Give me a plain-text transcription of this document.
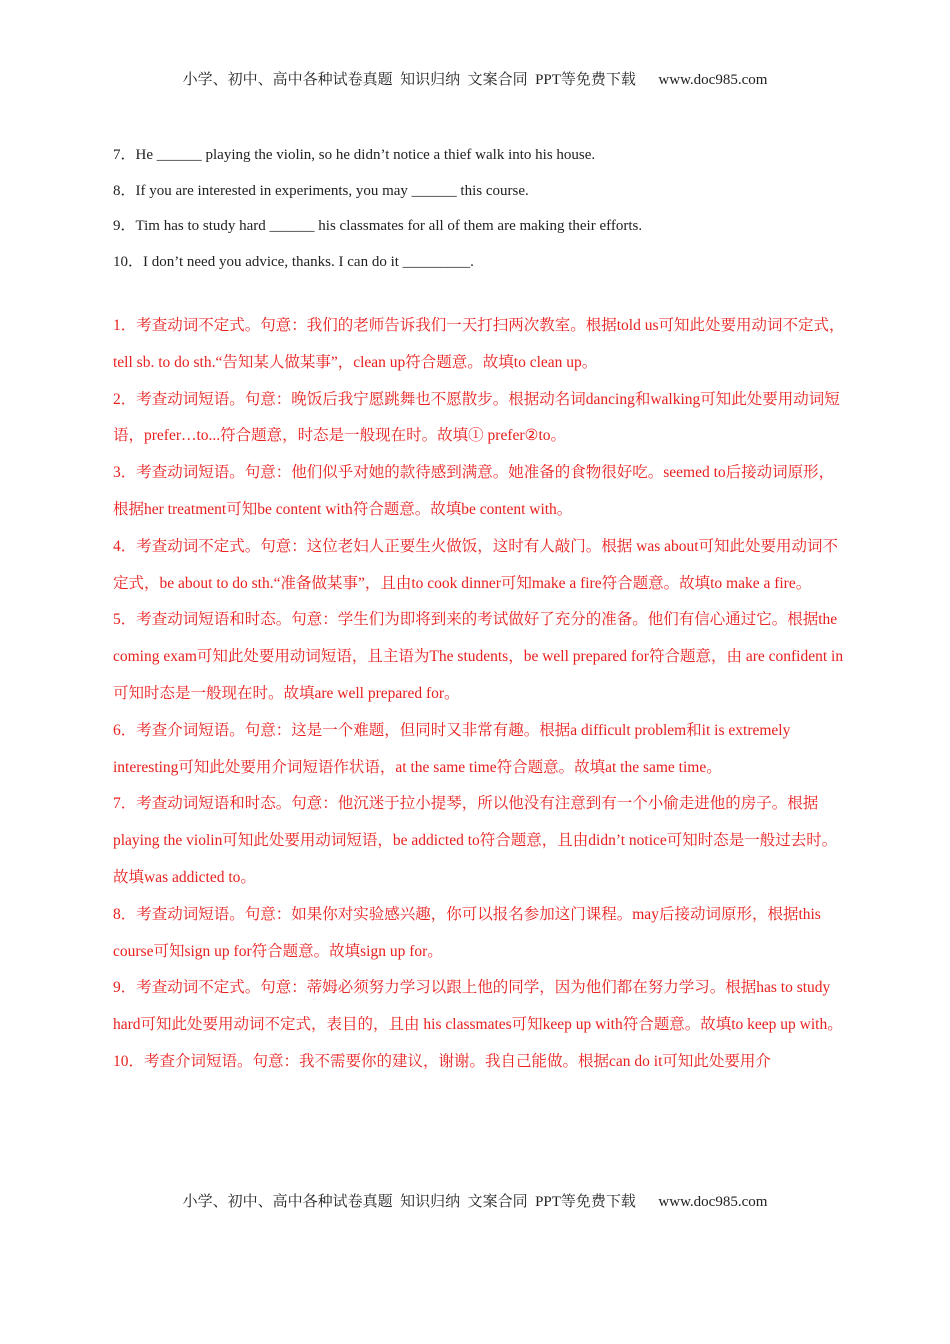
小学、初中、高中各种试卷真题  知识归纳  文案合同  PPT等免费下载      www.doc985.com
7．He ______ playing the violin, so he didn’t notice a thief walk into his house.
8．If you are interested in experiments, you may ______ this course.
9．Tim has to study hard ______ his classmates for all of them are making their efforts.
10．I don’t need you advice, thanks. I can do it _________.
1．考查动词不定式。句意：我们的老师告诉我们一天打扫两次教室。根据told us可知此处要用动词不定式，tell sb. to do sth.“告知某人做某事”，clean up符合题意。故填to clean up。
2．考查动词短语。句意：晚饭后我宁愿跳舞也不愿散步。根据动名词dancing和walking可知此处要用动词短语，prefer…to...符合题意，时态是一般现在时。故填① prefer②to。
3．考查动词短语。句意：他们似乎对她的款待感到满意。她准备的食物很好吃。seemed to后接动词原形，根据her treatment可知be content with符合题意。故填be content with。
4．考查动词不定式。句意：这位老妇人正要生火做饭，这时有人敲门。根据 was about可知此处要用动词不定式，be about to do sth.“准备做某事”，且由to cook dinner可知make a fire符合题意。故填to make a fire。
5．考查动词短语和时态。句意：学生们为即将到来的考试做好了充分的准备。他们有信心通过它。根据the coming exam可知此处要用动词短语，且主语为The students，be well prepared for符合题意，由 are confident in可知时态是一般现在时。故填are well prepared for。
6．考查介词短语。句意：这是一个难题，但同时又非常有趣。根据a difficult problem和it is extremely interesting可知此处要用介词短语作状语，at the same time符合题意。故填at the same time。
7．考查动词短语和时态。句意：他沉迷于拉小提琴，所以他没有注意到有一个小偷走进他的房子。根据playing the violin可知此处要用动词短语，be addicted to符合题意，且由didn’t notice可知时态是一般过去时。故填was addicted to。
8．考查动词短语。句意：如果你对实验感兴趣，你可以报名参加这门课程。may后接动词原形，根据this course可知sign up for符合题意。故填sign up for。
9．考查动词不定式。句意：蒂姆必须努力学习以跟上他的同学，因为他们都在努力学习。根据has to study hard可知此处要用动词不定式，表目的，且由 his classmates可知keep up with符合题意。故填to keep up with。
10．考查介词短语。句意：我不需要你的建议，谢谢。我自己能做。根据can do it可知此处要用介
小学、初中、高中各种试卷真题  知识归纳  文案合同  PPT等免费下载      www.doc985.com
